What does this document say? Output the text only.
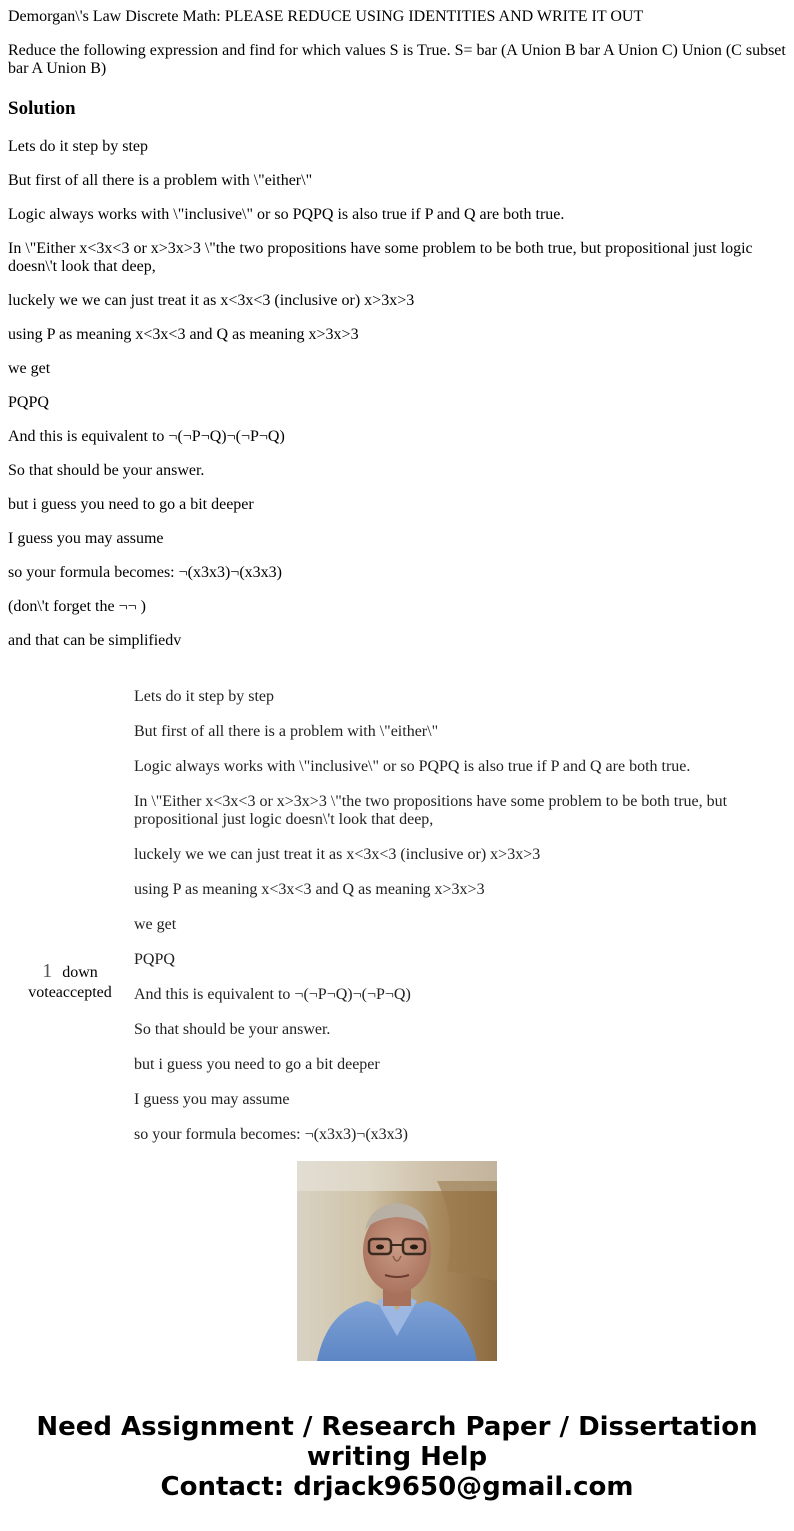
Demorgan\'s Law Discrete Math: PLEASE REDUCE USING IDENTITIES AND WRITE IT OUT

Reduce the following expression and find for which values S is True. S= bar (A Union B bar A Union C) Union (C subset bar A Union B)

Solution

Lets do it step by step

But first of all there is a problem with \"either\"

Logic always works with \"inclusive\" or so PQPQ is also true if P and Q are both true.

In \"Either x<3x<3 or x>3x>3 \"the two propositions have some problem to be both true, but propositional just logic doesn\'t look that deep,

luckely we we can just treat it as x<3x<3 (inclusive or) x>3x>3

using P as meaning x<3x<3 and Q as meaning x>3x>3

we get

PQPQ

And this is equivalent to ¬(¬P¬Q)¬(¬P¬Q)

So that should be your answer.

but i guess you need to go a bit deeper

I guess you may assume

so your formula becomes: ¬(x3x3)¬(x3x3)

(don\'t forget the ¬¬ )

and that can be simplifiedv

1 down
voteaccepted

Lets do it step by step

But first of all there is a problem with \"either\"

Logic always works with \"inclusive\" or so PQPQ is also true if P and Q are both true.

In \"Either x<3x<3 or x>3x>3 \"the two propositions have some problem to be both true, but propositional just logic doesn\'t look that deep,

luckely we we can just treat it as x<3x<3 (inclusive or) x>3x>3

using P as meaning x<3x<3 and Q as meaning x>3x>3

we get

PQPQ

And this is equivalent to ¬(¬P¬Q)¬(¬P¬Q)

So that should be your answer.

but i guess you need to go a bit deeper

I guess you may assume

so your formula becomes: ¬(x3x3)¬(x3x3)

Need Assignment / Research Paper / Dissertation
writing Help
Contact: drjack9650@gmail.com
